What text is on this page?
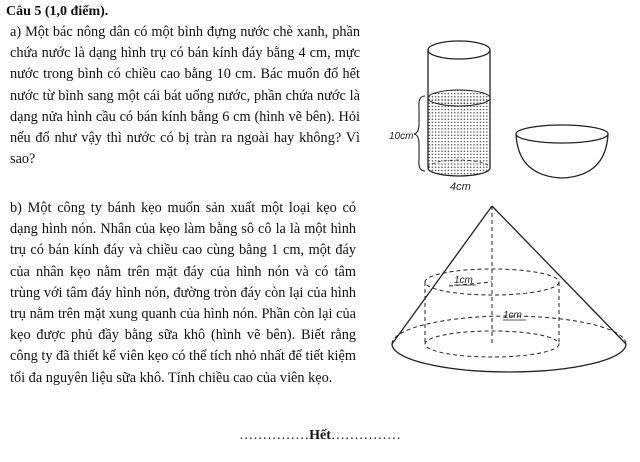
Câu 5 (1,0 điểm).
a) Một bác nông dân có một bình đựng nước chè xanh, phần chứa nước là dạng hình trụ có bán kính đáy bằng 4 cm, mực nước trong bình có chiều cao bằng 10 cm. Bác muốn đổ hết nước từ bình sang một cái bát uống nước, phần chứa nước là dạng nửa hình cầu có bán kính bằng 6 cm (hình vẽ bên). Hỏi nếu đổ như vậy thì nước có bị tràn ra ngoài hay không? Vì sao?
b) Một công ty bánh kẹo muốn sản xuất một loại kẹo có dạng hình nón. Nhân của kẹo làm bằng sô cô la là một hình trụ có bán kính đáy và chiều cao cùng bằng 1 cm, một đáy của nhân kẹo nằm trên mặt đáy của hình nón và có tâm trùng với tâm đáy hình nón, đường tròn đáy còn lại của hình trụ nằm trên mặt xung quanh của hình nón. Phần còn lại của kẹo được phủ đầy bằng sữa khô (hình vẽ bên). Biết rằng công ty đã thiết kế viên kẹo có thể tích nhỏ nhất để tiết kiệm tối đa nguyên liệu sữa khô. Tính chiều cao của viên kẹo.
10cm
4cm
1cm
1cm
……………Hết……………
